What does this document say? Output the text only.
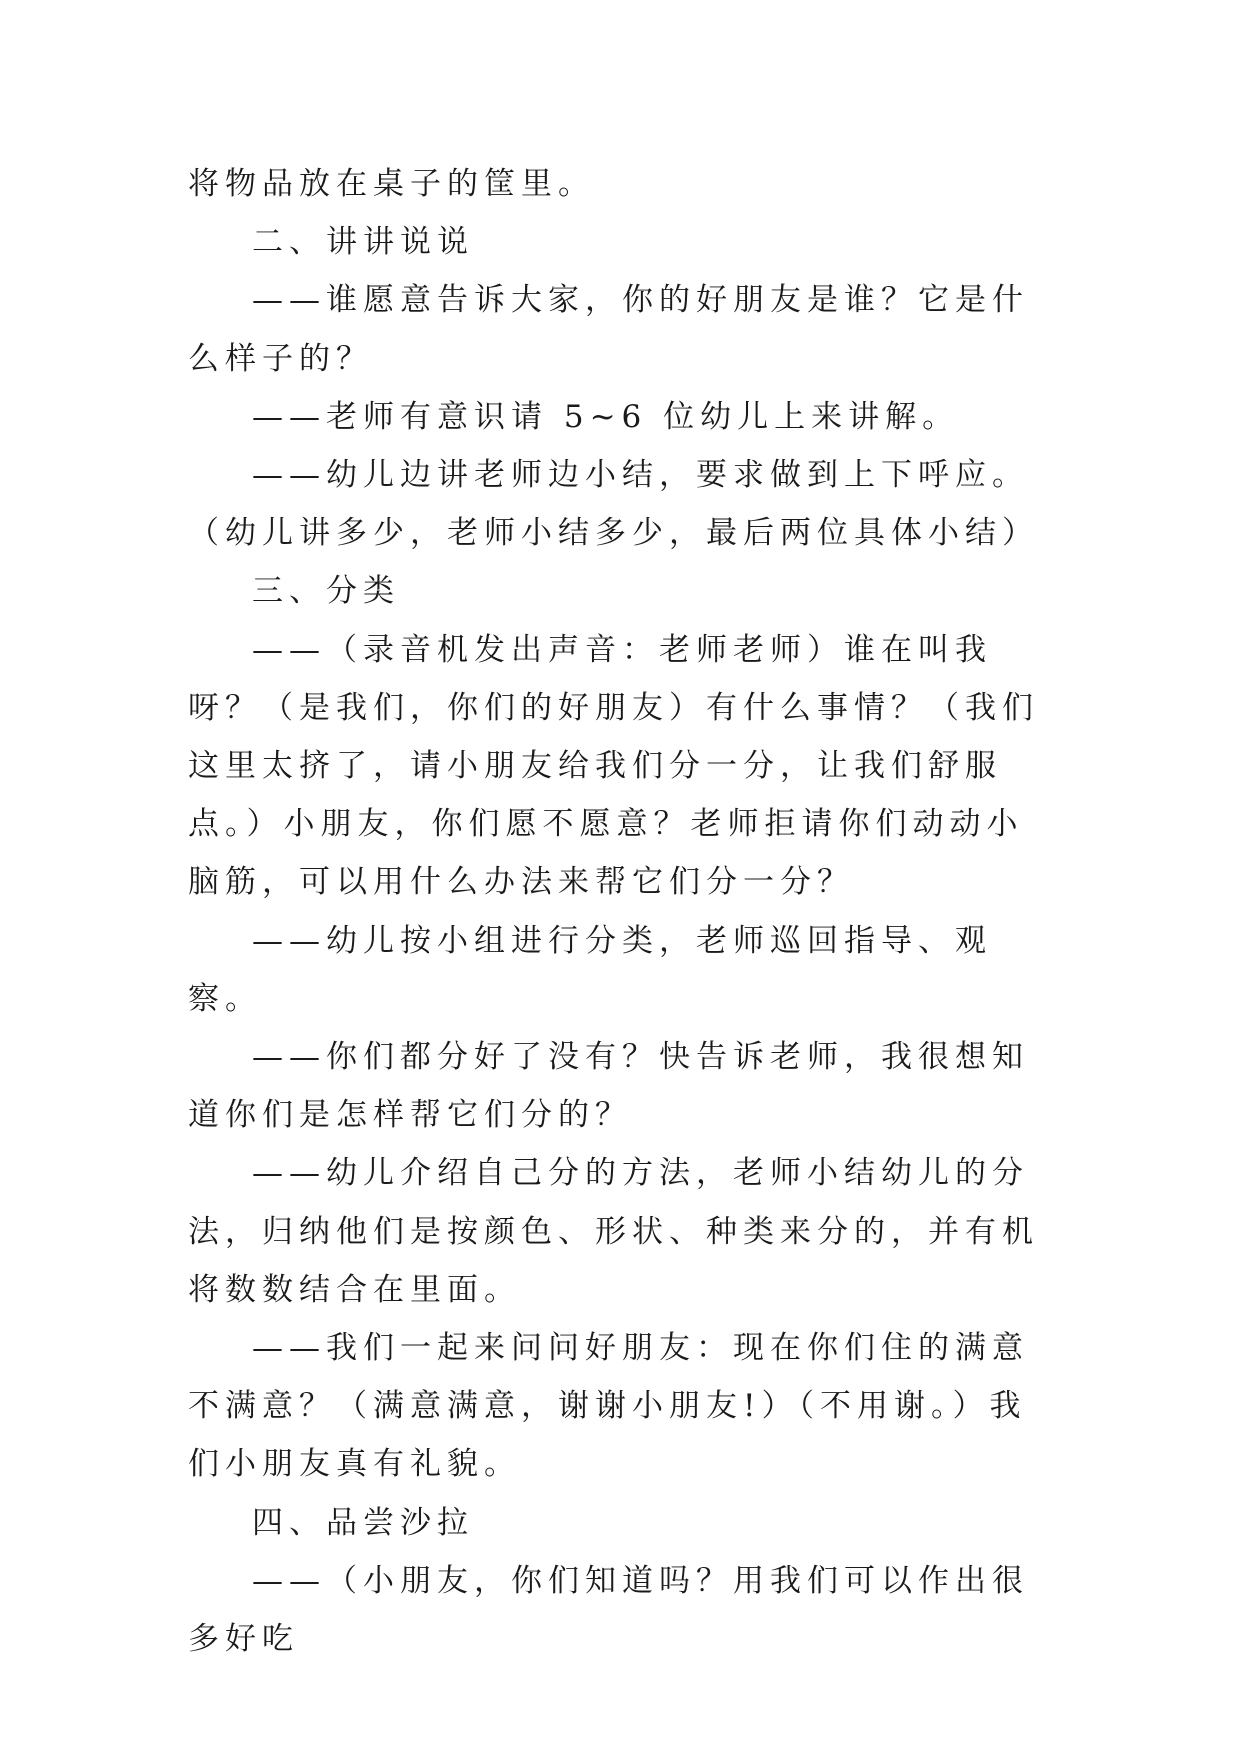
将物品放在桌子的筐里。

二、讲讲说说

——谁愿意告诉大家，你的好朋友是谁？它是什么样子的？

——老师有意识请 5~6 位幼儿上来讲解。

——幼儿边讲老师边小结，要求做到上下呼应。（幼儿讲多少，老师小结多少，最后两位具体小结）

三、分类

——（录音机发出声音：老师老师）谁在叫我呀？（是我们，你们的好朋友）有什么事情？（我们这里太挤了，请小朋友给我们分一分，让我们舒服点。）小朋友，你们愿不愿意？老师拒请你们动动小脑筋，可以用什么办法来帮它们分一分？

——幼儿按小组进行分类，老师巡回指导、观察。

——你们都分好了没有？快告诉老师，我很想知道你们是怎样帮它们分的？

——幼儿介绍自己分的方法，老师小结幼儿的分法，归纳他们是按颜色、形状、种类来分的，并有机将数数结合在里面。

——我们一起来问问好朋友：现在你们住的满意不满意？（满意满意，谢谢小朋友!）（不用谢。）我们小朋友真有礼貌。

四、品尝沙拉

——（小朋友，你们知道吗？用我们可以作出很多好吃
